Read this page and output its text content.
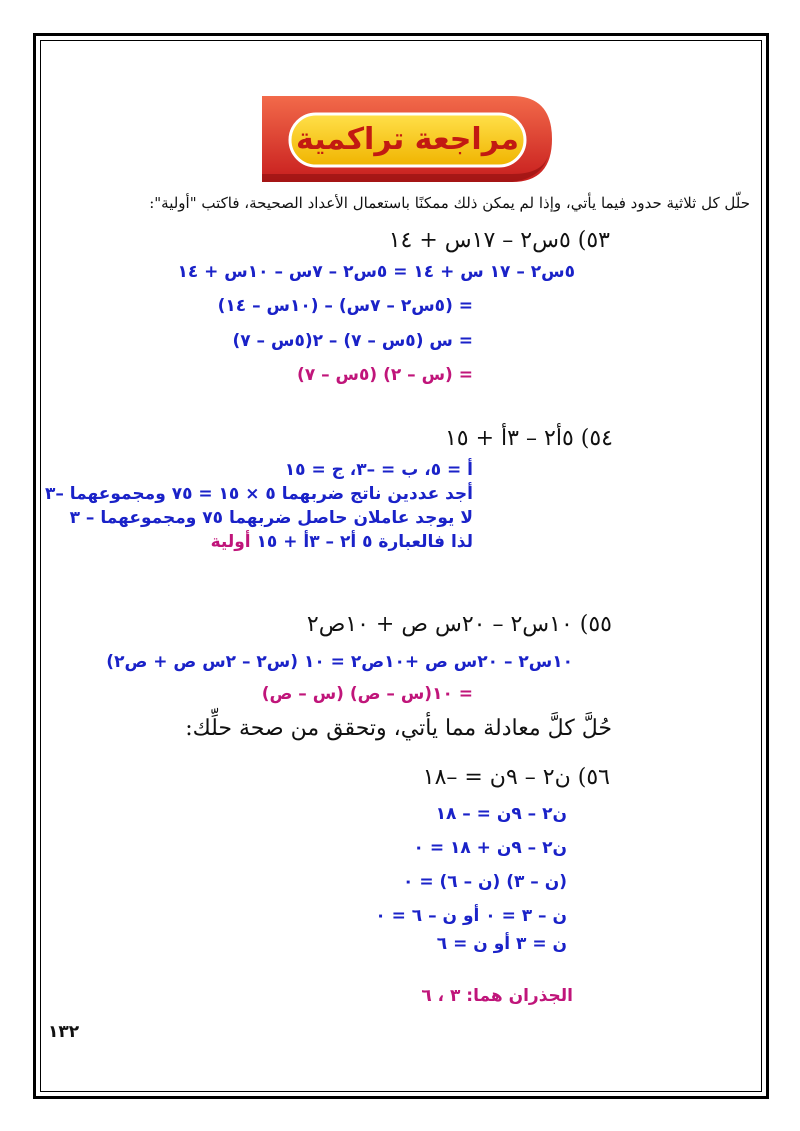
مراجعة تراكمية
حلّل كل ثلاثية حدود فيما يأتي، وإذا لم يمكن ذلك ممكنًا باستعمال الأعداد الصحيحة، فاكتب "أولية":
٥٣) ٥س٢ – ١٧س + ١٤
٥س٢ – ١٧ س + ١٤ = ٥س٢ – ٧س – ١٠س + ١٤
= (٥س٢ – ٧س) – (١٠س – ١٤)
= س (٥س – ٧) – ٢(٥س – ٧)
= (س – ٢) (٥س – ٧)
٥٤) ٥أ٢ – ٣أ + ١٥
أ = ٥، ب = –٣، ج = ١٥
أجد عددين ناتج ضربهما ٥ × ١٥ = ٧٥ ومجموعهما –٣
لا يوجد عاملان حاصل ضربهما ٧٥ ومجموعهما – ٣
لذا فالعبارة ٥ أ٢ – ٣أ + ١٥ أولية
٥٥) ١٠س٢ – ٢٠س ص + ١٠ص٢
١٠س٢ – ٢٠س ص +١٠ص٢ = ١٠ (س٢ – ٢س ص + ص٢)
= ١٠(س – ص) (س – ص)
حُلَّ كلَّ معادلة مما يأتي، وتحقق من صحة حلِّك:
٥٦) ن٢ – ٩ن = –١٨
ن٢ – ٩ن = – ١٨
ن٢ – ٩ن + ١٨ = ٠
(ن – ٣) (ن – ٦) = ٠
ن – ٣ = ٠ أو ن – ٦ = ٠
ن = ٣ أو ن = ٦
الجذران هما: ٣ ، ٦
١٣٢
